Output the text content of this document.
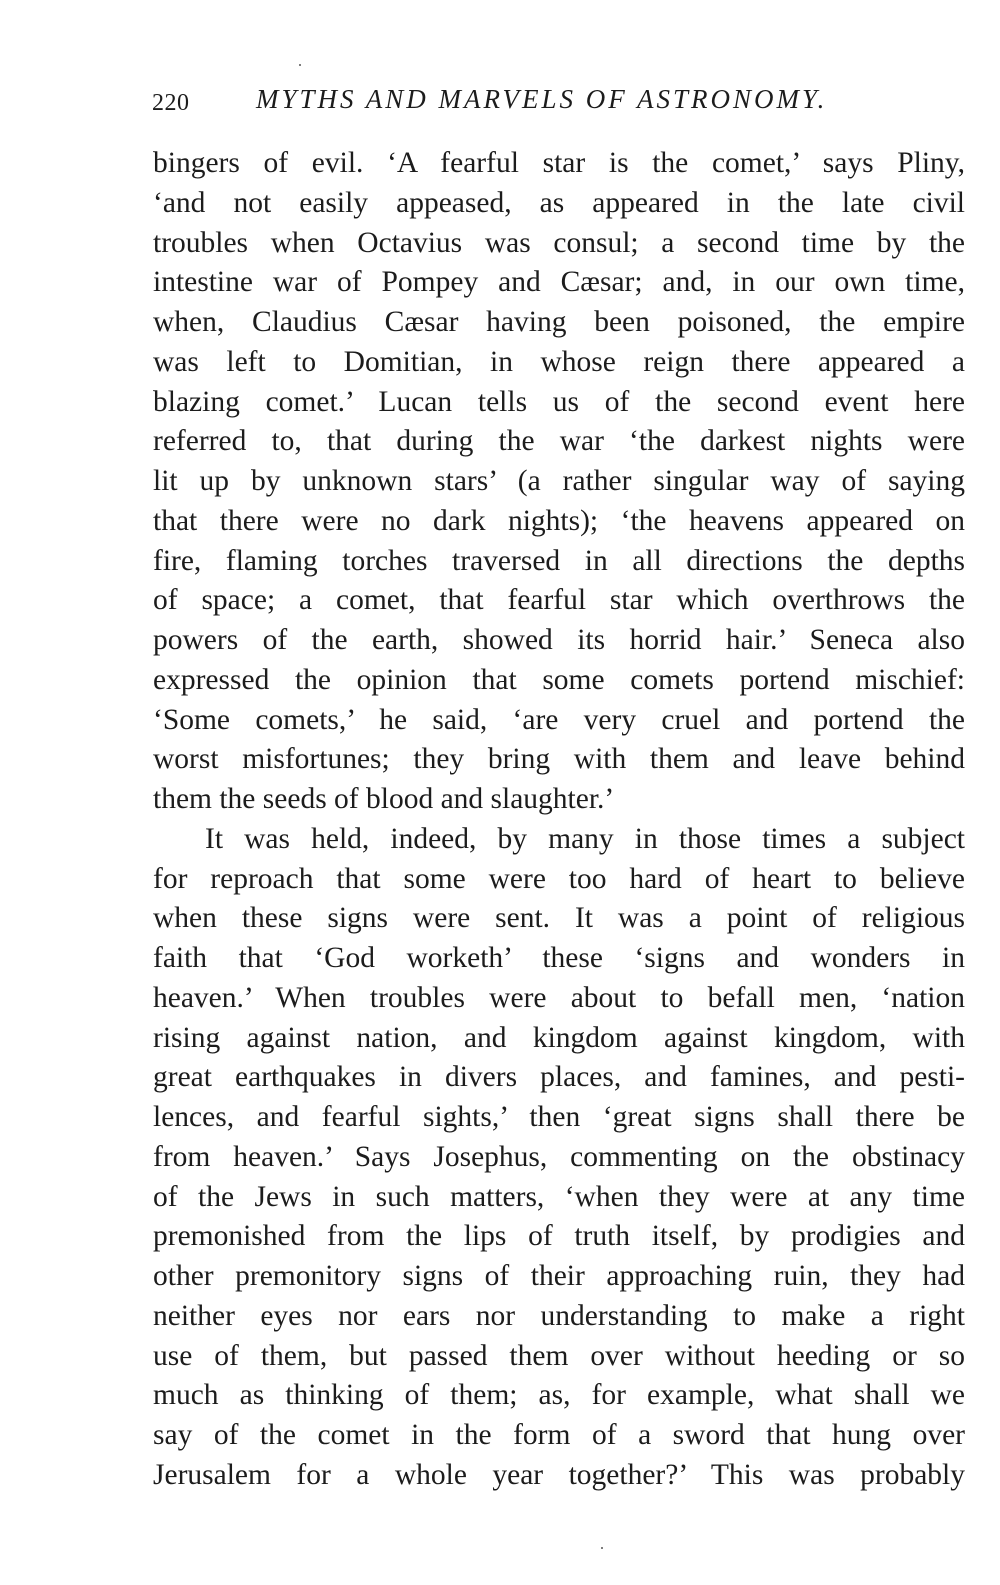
220 MYTHS AND MARVELS OF ASTRONOMY.
bingers of evil. ‘A fearful star is the comet,’ says Pliny,
‘and not easily appeased, as appeared in the late civil
troubles when Octavius was consul; a second time by the
intestine war of Pompey and Cæsar; and, in our own time,
when, Claudius Cæsar having been poisoned, the empire
was left to Domitian, in whose reign there appeared a
blazing comet.’ Lucan tells us of the second event here
referred to, that during the war ‘the darkest nights were
lit up by unknown stars’ (a rather singular way of saying
that there were no dark nights); ‘the heavens appeared on
fire, flaming torches traversed in all directions the depths
of space; a comet, that fearful star which overthrows the
powers of the earth, showed its horrid hair.’ Seneca also
expressed the opinion that some comets portend mischief:
‘Some comets,’ he said, ‘are very cruel and portend the
worst misfortunes; they bring with them and leave behind
them the seeds of blood and slaughter.’
It was held, indeed, by many in those times a subject
for reproach that some were too hard of heart to believe
when these signs were sent. It was a point of religious
faith that ‘God worketh’ these ‘signs and wonders in
heaven.’ When troubles were about to befall men, ‘nation
rising against nation, and kingdom against kingdom, with
great earthquakes in divers places, and famines, and pesti-
lences, and fearful sights,’ then ‘great signs shall there be
from heaven.’ Says Josephus, commenting on the obstinacy
of the Jews in such matters, ‘when they were at any time
premonished from the lips of truth itself, by prodigies and
other premonitory signs of their approaching ruin, they had
neither eyes nor ears nor understanding to make a right
use of them, but passed them over without heeding or so
much as thinking of them; as, for example, what shall we
say of the comet in the form of a sword that hung over
Jerusalem for a whole year together?’ This was probably
